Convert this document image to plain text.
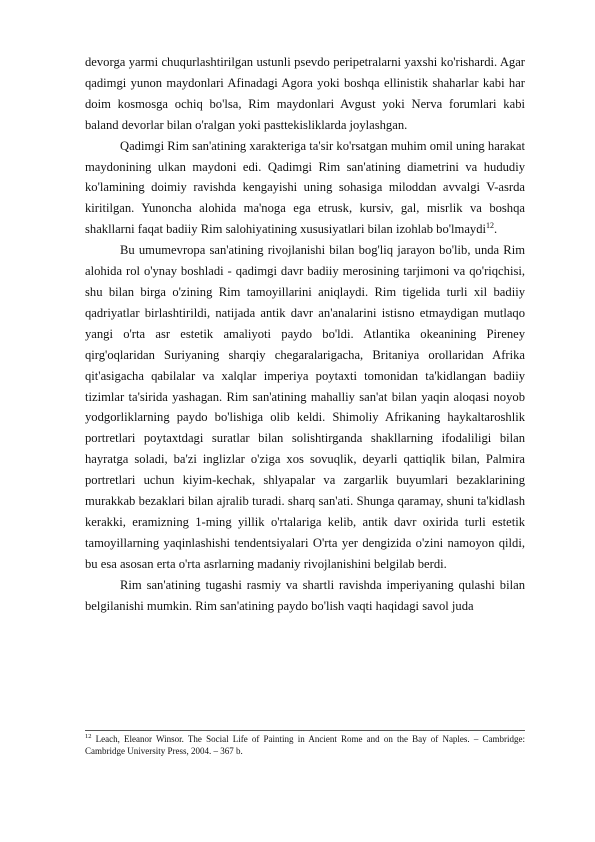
devorga yarmi chuqurlashtirilgan ustunli psevdo peripetralarni yaxshi ko'rishardi. Agar qadimgi yunon maydonlari Afinadagi Agora yoki boshqa ellinistik shaharlar kabi har doim kosmosga ochiq bo'lsa, Rim maydonlari Avgust yoki Nerva forumlari kabi baland devorlar bilan o'ralgan yoki pasttekisliklarda joylashgan.

Qadimgi Rim san'atining xarakteriga ta'sir ko'rsatgan muhim omil uning harakat maydonining ulkan maydoni edi. Qadimgi Rim san'atining diametrini va hududiy ko'lamining doimiy ravishda kengayishi uning sohasiga miloddan avvalgi V-asrda kiritilgan. Yunoncha alohida ma'noga ega etrusk, kursiv, gal, misrlik va boshqa shakllarni faqat badiiy Rim salohiyatining xususiyatlari bilan izohlab bo'lmaydi$^{12}$.

Bu umumevropa san'atining rivojlanishi bilan bog'liq jarayon bo'lib, unda Rim alohida rol o'ynay boshladi - qadimgi davr badiiy merosining tarjimoni va qo'riqchisi, shu bilan birga o'zining Rim tamoyillarini aniqlaydi. Rim tigelida turli xil badiiy qadriyatlar birlashtirildi, natijada antik davr an'analarini istisno etmaydigan mutlaqo yangi o'rta asr estetik amaliyoti paydo bo'ldi. Atlantika okeanining Pireney qirg'oqlaridan Suriyaning sharqiy chegaralarigacha, Britaniya orollaridan Afrika qit'asigacha qabilalar va xalqlar imperiya poytaxti tomonidan ta'kidlangan badiiy tizimlar ta'sirida yashagan. Rim san'atining mahalliy san'at bilan yaqin aloqasi noyob yodgorliklarning paydo bo'lishiga olib keldi. Shimoliy Afrikaning haykaltaroshlik portretlari poytaxtdagi suratlar bilan solishtirganda shakllarning ifodaliligi bilan hayratga soladi, ba'zi inglizlar o'ziga xos sovuqlik, deyarli qattiqlik bilan, Palmira portretlari uchun kiyim-kechak, shlyapalar va zargarlik buyumlari bezaklarining murakkab bezaklari bilan ajralib turadi. sharq san'ati. Shunga qaramay, shuni ta'kidlash kerakki, eramizning 1-ming yillik o'rtalariga kelib, antik davr oxirida turli estetik tamoyillarning yaqinlashishi tendentsiyalari O'rta yer dengizida o'zini namoyon qildi, bu esa asosan erta o'rta asrlarning madaniy rivojlanishini belgilab berdi.

Rim san'atining tugashi rasmiy va shartli ravishda imperiyaning qulashi bilan belgilanishi mumkin. Rim san'atining paydo bo'lish vaqti haqidagi savol juda

$^{12}$ Leach, Eleanor Winsor. The Social Life of Painting in Ancient Rome and on the Bay of Naples. – Cambridge: Cambridge University Press, 2004. – 367 b.
